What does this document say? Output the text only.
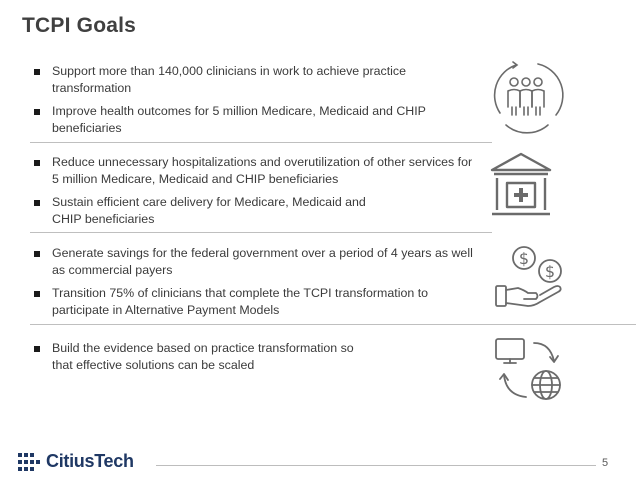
TCPI Goals
Support more than 140,000 clinicians in work to achieve practice transformation
Improve health outcomes for 5 million Medicare, Medicaid and CHIP beneficiaries
Reduce unnecessary hospitalizations and overutilization of other services for 5 million Medicare, Medicaid and CHIP beneficiaries
Sustain efficient care delivery for Medicare, Medicaid and CHIP beneficiaries
Generate savings for the federal government over a period of 4 years as well as commercial payers
Transition 75% of clinicians that complete the TCPI transformation to participate in Alternative Payment Models
Build the evidence based on practice transformation so that effective solutions can be scaled
$
$
CitiusTech	5
